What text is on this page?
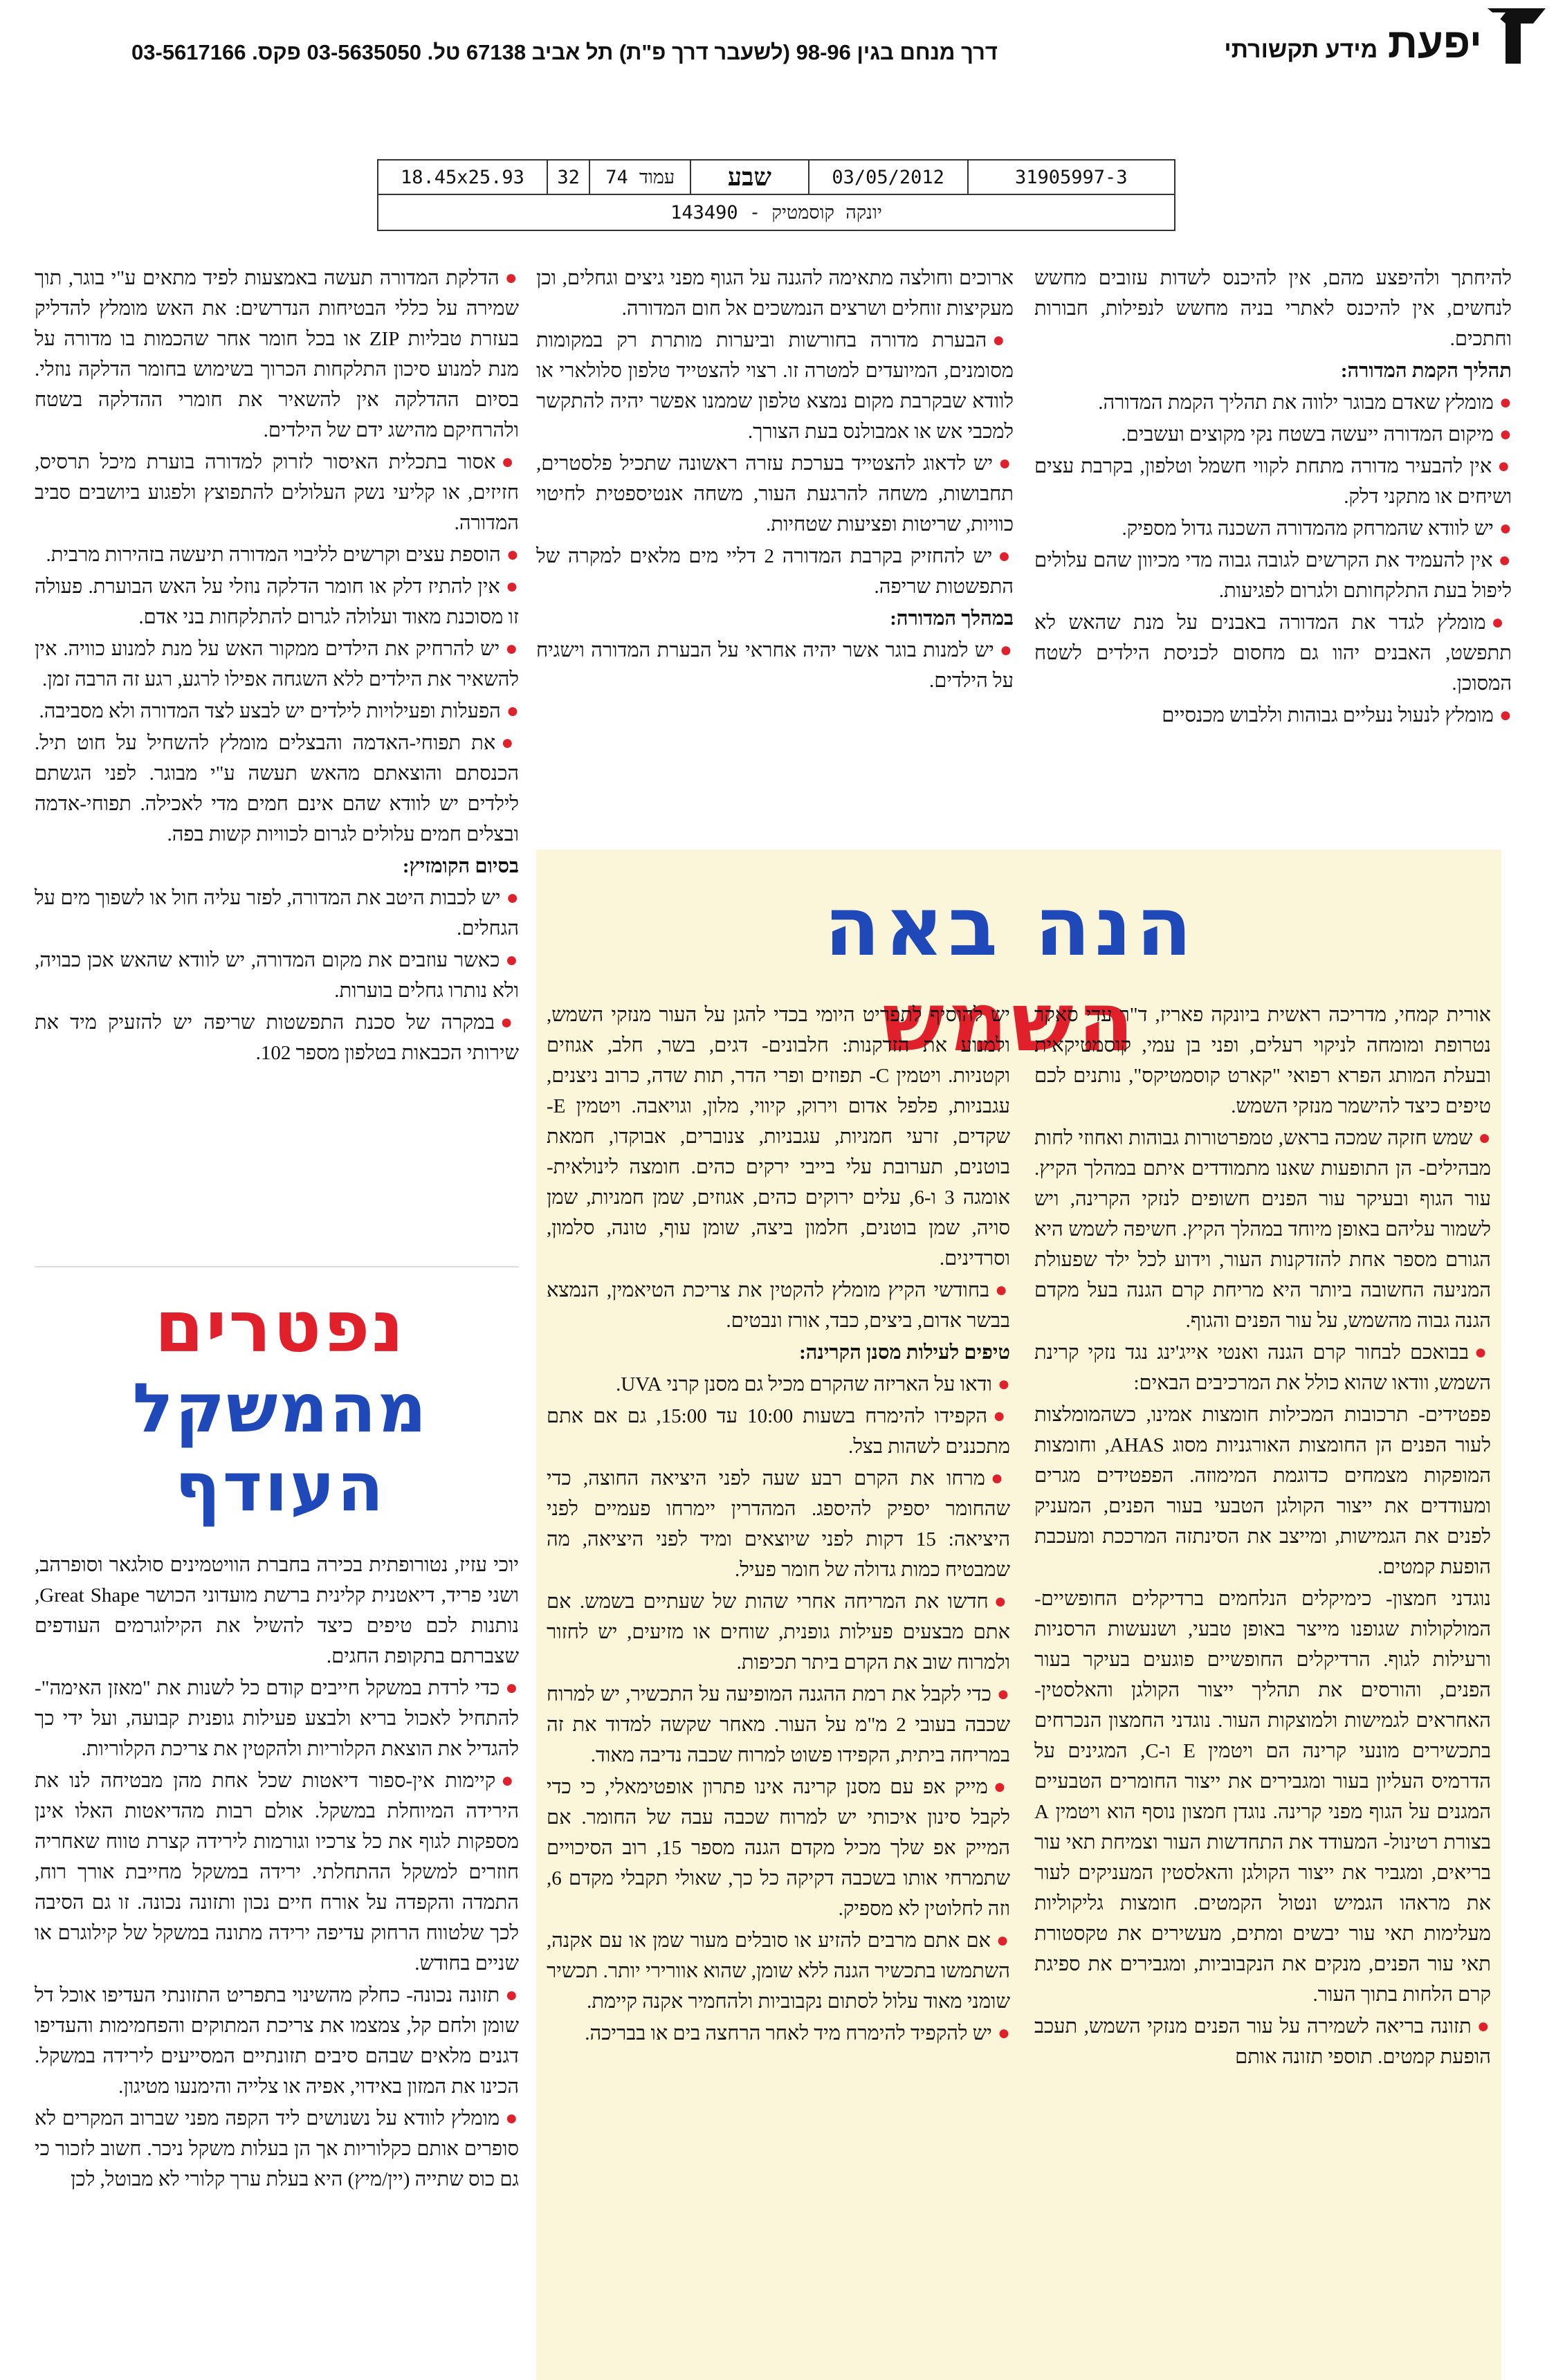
יפעת מידע תקשורתי
דרך מנחם בגין 98-96 (לשעבר דרך פ"ת) תל אביב 67138 טל. 03-5635050 פקס. 03-5617166
18.45x25.93	32	עמוד 74	שבע	03/05/2012	31905997-3
יונקה קוסמטיק - 143490

להיחתך ולהיפצע מהם, אין להיכנס לשדות עזובים מחשש לנחשים, אין להיכנס לאתרי בניה מחשש לנפילות, חבורות וחתכים.

תהליך הקמת המדורה:

●מומלץ שאדם מבוגר ילווה את תהליך הקמת המדורה.

●מיקום המדורה ייעשה בשטח נקי מקוצים ועשבים.

●אין להבעיר מדורה מתחת לקווי חשמל וטלפון, בקרבת עצים ושיחים או מתקני דלק.

●יש לוודא שהמרחק מהמדורה השכנה גדול מספיק.

●אין להעמיד את הקרשים לגובה גבוה מדי מכיוון שהם עלולים ליפול בעת התלקחותם ולגרום לפגיעות.

●מומלץ לגדר את המדורה באבנים על מנת שהאש לא תתפשט, האבנים יהוו גם מחסום לכניסת הילדים לשטח המסוכן.

●מומלץ לנעול נעליים גבוהות וללבוש מכנסיים

ארוכים וחולצה מתאימה להגנה על הגוף מפני גיצים וגחלים, וכן מעקיצות זוחלים ושרצים הנמשכים אל חום המדורה.

●הבערת מדורה בחורשות וביערות מותרת רק במקומות מסומנים, המיועדים למטרה זו. רצוי להצטייד טלפון סלולארי או לוודא שבקרבת מקום נמצא טלפון שממנו אפשר יהיה להתקשר למכבי אש או אמבולנס בעת הצורך.

●יש לדאוג להצטייד בערכת עזרה ראשונה שתכיל פלסטרים, תחבושות, משחה להרגעת העור, משחה אנטיספטית לחיטוי כוויות, שריטות ופציעות שטחיות.

●יש להחזיק בקרבת המדורה 2 דליי מים מלאים למקרה של התפשטות שריפה.

במהלך המדורה:

●יש למנות בוגר אשר יהיה אחראי על הבערת המדורה וישגיח על הילדים.

●הדלקת המדורה תעשה באמצעות לפיד מתאים ע"י בוגר, תוך שמירה על כללי הבטיחות הנדרשים: את האש מומלץ להדליק בעזרת טבליות ZIP או בכל חומר אחר שהכמות בו מדורה על מנת למנוע סיכון התלקחות הכרוך בשימוש בחומר הדלקה נוזלי. בסיום ההדלקה אין להשאיר את חומרי ההדלקה בשטח ולהרחיקם מהישג ידם של הילדים.

●אסור בתכלית האיסור לזרוק למדורה בוערת מיכל תרסיס, חזיזים, או קליעי נשק העלולים להתפוצץ ולפגוע ביושבים סביב המדורה.

●הוספת עצים וקרשים לליבוי המדורה תיעשה בזהירות מרבית.

●אין להתיז דלק או חומר הדלקה נוזלי על האש הבוערת. פעולה זו מסוכנת מאוד ועלולה לגרום להתלקחות בני אדם.

●יש להרחיק את הילדים ממקור האש על מנת למנוע כוויה. אין להשאיר את הילדים ללא השגחה אפילו לרגע, רגע זה הרבה זמן.

●הפעלות ופעילויות לילדים יש לבצע לצד המדורה ולא מסביבה.

●את תפוחי-האדמה והבצלים מומלץ להשחיל על חוט תיל. הכנסתם והוצאתם מהאש תעשה ע"י מבוגר. לפני הגשתם לילדים יש לוודא שהם אינם חמים מדי לאכילה. תפוחי-אדמה ובצלים חמים עלולים לגרום לכוויות קשות בפה.

בסיום הקומזיץ:

●יש לכבות היטב את המדורה, לפזר עליה חול או לשפוך מים על הגחלים.

●כאשר עוזבים את מקום המדורה, יש לוודא שהאש אכן כבויה, ולא נותרו גחלים בוערות.

●במקרה של סכנת התפשטות שריפה יש להזעיק מיד את שירותי הכבאות בטלפון מספר 102.

הנה באה השמש

אורית קמחי, מדריכה ראשית ביונקה פאריז, ד"ר עדי סאקר נטרופת ומומחה לניקוי רעלים, ופני בן עמי, קוסמטיקאית ובעלת המותג הפרא רפואי "קארט קוסמטיקס", נותנים לכם טיפים כיצד להישמר מנזקי השמש.

●שמש חזקה שמכה בראש, טמפרטורות גבוהות ואחוזי לחות מבהילים- הן התופעות שאנו מתמודדים איתם במהלך הקיץ. עור הגוף ובעיקר עור הפנים חשופים לנזקי הקרינה, ויש לשמור עליהם באופן מיוחד במהלך הקיץ. חשיפה לשמש היא הגורם מספר אחת להזדקנות העור, וידוע לכל ילד שפעולת המניעה החשובה ביותר היא מריחת קרם הגנה בעל מקדם הגנה גבוה מהשמש, על עור הפנים והגוף.

●בבואכם לבחור קרם הגנה ואנטי אייג'ינג נגד נזקי קרינת השמש, וודאו שהוא כולל את המרכיבים הבאים:

פפטידים- תרכובות המכילות חומצות אמינו, כשהמומלצות לעור הפנים הן החומצות האורגניות מסוג AHAS, וחומצות המופקות מצמחים כדוגמת המימוזה. הפפטידים מגרים ומעודדים את ייצור הקולגן הטבעי בעור הפנים, המעניק לפנים את הגמישות, ומייצב את הסינתזה המרככת ומעכבת הופעת קמטים.

נוגדני חמצון- כימיקלים הנלחמים ברדיקלים החופשיים- המולקולות שגופנו מייצר באופן טבעי, ושנעשות הרסניות ורעילות לגוף. הרדיקלים החופשיים פוגעים בעיקר בעור הפנים, והורסים את תהליך ייצור הקולגן והאלסטין- האחראים לגמישות ולמוצקות העור. נוגדני החמצון הנכרחים בתכשירים מונעי קרינה הם ויטמין E ו-C, המגינים על הדרמיס העליון בעור ומגבירים את ייצור החומרים הטבעיים המגנים על הגוף מפני קרינה. נוגדן חמצון נוסף הוא ויטמין A בצורת רטינול- המעודד את התחדשות העור וצמיחת תאי עור בריאים, ומגביר את ייצור הקולגן והאלסטין המעניקים לעור את מראהו הגמיש ונטול הקמטים. חומצות גליקוליות מעלימות תאי עור יבשים ומתים, מעשירים את טקסטורת תאי עור הפנים, מנקים את הנקבוביות, ומגבירים את ספיגת קרם הלחות בתוך העור.

●תזונה בריאה לשמירה על עור הפנים מנזקי השמש, תעכב הופעת קמטים. תוספי תזונה אותם

יש להוסיף לתפריט היומי בכדי להגן על העור מנזקי השמש, ולמנוע את הזדקנות: חלבונים- דגים, בשר, חלב, אגוזים וקטניות. ויטמין C- תפוזים ופרי הדר, תות שדה, כרוב ניצנים, עגבניות, פלפל אדום וירוק, קיווי, מלון, וגויאבה. ויטמין E- שקדים, זרעי חמניות, עגבניות, צנוברים, אבוקדו, חמאת בוטנים, תערובת עלי בייבי ירקים כהים. חומצה לינולאית- אומגה 3 ו-6, עלים ירוקים כהים, אגוזים, שמן חמניות, שמן סויה, שמן בוטנים, חלמון ביצה, שומן עוף, טונה, סלמון, וסרדינים.

●בחודשי הקיץ מומלץ להקטין את צריכת הטיאמין, הנמצא בבשר אדום, ביצים, כבד, אורז ונבטים.

טיפים לעילות מסנן הקרינה:

●ודאו על האריזה שהקרם מכיל גם מסנן קרני UVA.

●הקפידו להימרח בשעות 10:00 עד 15:00, גם אם אתם מתכננים לשהות בצל.

●מרחו את הקרם רבע שעה לפני היציאה החוצה, כדי שהחומר יספיק להיספג. המהדרין יימרחו פעמיים לפני היציאה: 15 דקות לפני שיוצאים ומיד לפני היציאה, מה שמבטיח כמות גדולה של חומר פעיל.

●חדשו את המריחה אחרי שהות של שעתיים בשמש. אם אתם מבצעים פעילות גופנית, שוחים או מזיעים, יש לחזור ולמרוח שוב את הקרם ביתר תכיפות.

●כדי לקבל את רמת ההגנה המופיעה על התכשיר, יש למרוח שכבה בעובי 2 מ"מ על העור. מאחר שקשה למדוד את זה במריחה ביתית, הקפידו פשוט למרוח שכבה נדיבה מאוד.

●מייק אפ עם מסנן קרינה אינו פתרון אופטימאלי, כי כדי לקבל סינון איכותי יש למרוח שכבה עבה של החומר. אם המייק אפ שלך מכיל מקדם הגנה מספר 15, רוב הסיכויים שתמרחי אותו בשכבה דקיקה כל כך, שאולי תקבלי מקדם 6, וזה לחלוטין לא מספיק.

●אם אתם מרבים להזיע או סובלים מעור שמן או עם אקנה, השתמשו בתכשיר הגנה ללא שומן, שהוא אוורירי יותר. תכשיר שומני מאוד עלול לסתום נקבוביות ולהחמיר אקנה קיימת.

●יש להקפיד להימרח מיד לאחר הרחצה בים או בבריכה.

נפטרים
מהמשקל
העודף

יוכי עזיז, נטורופתית בכירה בחברת הוויטמינים סולגאר וסופרהב, ושני פריד, דיאטנית קלינית ברשת מועדוני הכושר Great Shape, נותנות לכם טיפים כיצד להשיל את הקילוגרמים העודפים שצברתם בתקופת החגים.

●כדי לרדת במשקל חייבים קודם כל לשנות את "מאזן האימה"- להתחיל לאכול בריא ולבצע פעילות גופנית קבועה, ועל ידי כך להגדיל את הוצאת הקלוריות ולהקטין את צריכת הקלוריות.

●קיימות אין-ספור דיאטות שכל אחת מהן מבטיחה לנו את הירידה המיוחלת במשקל. אולם רבות מהדיאטות האלו אינן מספקות לגוף את כל צרכיו וגורמות לירידה קצרת טווח שאחריה חוזרים למשקל ההתחלתי. ירידה במשקל מחייבת אורך רוח, התמדה והקפדה על אורח חיים נכון ותזונה נכונה. זו גם הסיבה לכך שלטווח הרחוק עדיפה ירידה מתונה במשקל של קילוגרם או שניים בחודש.

●תזונה נכונה- כחלק מהשינוי בתפריט התזונתי העדיפו אוכל דל שומן ולחם קל, צמצמו את צריכת המתוקים והפחמימות והעדיפו דגנים מלאים שבהם סיבים תזונתיים המסייעים לירידה במשקל. הכינו את המזון באידוי, אפיה או צלייה והימנעו מטיגון.

●מומלץ לוודא על נשנושים ליד הקפה מפני שברוב המקרים לא סופרים אותם כקלוריות אך הן בעלות משקל ניכר. חשוב לזכור כי גם כוס שתייה (יין/מיץ) היא בעלת ערך קלורי לא מבוטל, לכן
